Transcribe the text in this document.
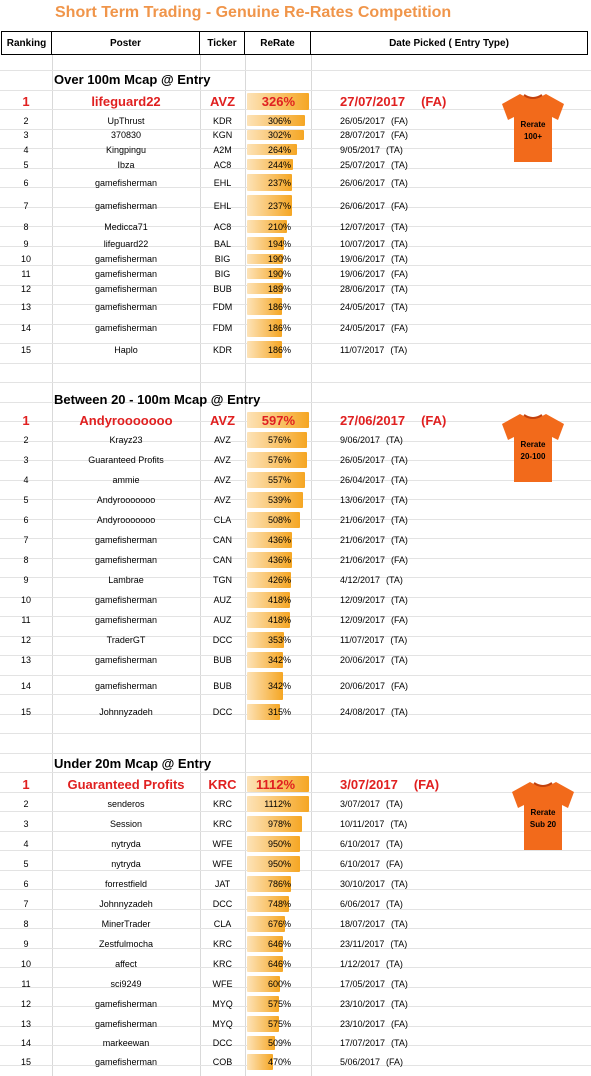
Short Term Trading - Genuine Re-Rates Competition
Ranking	Poster	Ticker	ReRate	Date Picked ( Entry Type)
Over 100m Mcap @ Entry
1	lifeguard22	AVZ	326%	27/07/2017 (FA)
2	UpThrust	KDR	306%	26/05/2017 (FA)
3	370830	KGN	302%	28/07/2017 (FA)
4	Kingpingu	A2M	264%	9/05/2017 (TA)
5	Ibza	AC8	244%	25/07/2017 (TA)
6	gamefisherman	EHL	237%	26/06/2017 (TA)
7	gamefisherman	EHL	237%	26/06/2017 (FA)
8	Medicca71	AC8	210%	12/07/2017 (TA)
9	lifeguard22	BAL	194%	10/07/2017 (TA)
10	gamefisherman	BIG	190%	19/06/2017 (TA)
11	gamefisherman	BIG	190%	19/06/2017 (FA)
12	gamefisherman	BUB	189%	28/06/2017 (TA)
13	gamefisherman	FDM	186%	24/05/2017 (TA)
14	gamefisherman	FDM	186%	24/05/2017 (FA)
15	Haplo	KDR	186%	11/07/2017 (TA)
Rerate
100+
Between 20 - 100m Mcap @ Entry
1	Andyrooooooo	AVZ	597%	27/06/2017 (FA)
2	Krayz23	AVZ	576%	9/06/2017 (TA)
3	Guaranteed Profits	AVZ	576%	26/05/2017 (TA)
4	ammie	AVZ	557%	26/04/2017 (TA)
5	Andyrooooooo	AVZ	539%	13/06/2017 (TA)
6	Andyrooooooo	CLA	508%	21/06/2017 (TA)
7	gamefisherman	CAN	436%	21/06/2017 (TA)
8	gamefisherman	CAN	436%	21/06/2017 (FA)
9	Lambrae	TGN	426%	4/12/2017 (TA)
10	gamefisherman	AUZ	418%	12/09/2017 (TA)
11	gamefisherman	AUZ	418%	12/09/2017 (FA)
12	TraderGT	DCC	353%	11/07/2017 (TA)
13	gamefisherman	BUB	342%	20/06/2017 (TA)
14	gamefisherman	BUB	342%	20/06/2017 (FA)
15	Johnnyzadeh	DCC	315%	24/08/2017 (TA)
Rerate
20-100
Under 20m Mcap @ Entry
1	Guaranteed Profits	KRC	1112%	3/07/2017 (FA)
2	senderos	KRC	1112%	3/07/2017 (TA)
3	Session	KRC	978%	10/11/2017 (TA)
4	nytryda	WFE	950%	6/10/2017 (TA)
5	nytryda	WFE	950%	6/10/2017 (FA)
6	forrestfield	JAT	786%	30/10/2017 (TA)
7	Johnnyzadeh	DCC	748%	6/06/2017 (TA)
8	MinerTrader	CLA	676%	18/07/2017 (TA)
9	Zestfulmocha	KRC	646%	23/11/2017 (TA)
10	affect	KRC	646%	1/12/2017 (TA)
11	sci9249	WFE	600%	17/05/2017 (TA)
12	gamefisherman	MYQ	575%	23/10/2017 (TA)
13	gamefisherman	MYQ	575%	23/10/2017 (FA)
14	markeewan	DCC	509%	17/07/2017 (TA)
15	gamefisherman	COB	470%	5/06/2017 (FA)
Rerate
Sub 20
